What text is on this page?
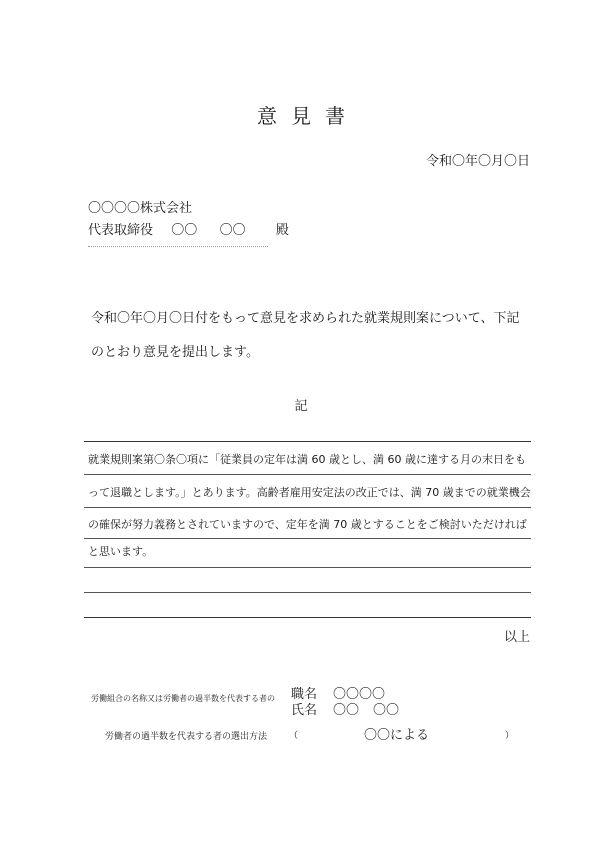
意見書
令和〇年〇月〇日
〇〇〇〇株式会社
代表取締役 〇〇 〇〇 殿
令和〇年〇月〇日付をもって意見を求められた就業規則案について、下記
のとおり意見を提出します。
記
就業規則案第〇条〇項に「従業員の定年は満 60 歳とし、満 60 歳に達する月の末日をも
って退職とします。」とあります。高齢者雇用安定法の改正では、満 70 歳までの就業機会
の確保が努力義務とされていますので、定年を満 70 歳とすることをご検討いただければ
と思います。
以上
労働組合の名称又は労働者の過半数を代表する者の 職名 〇〇〇〇
氏名 〇〇 〇〇
労働者の過半数を代表する者の選出方法 （	〇〇による	）
